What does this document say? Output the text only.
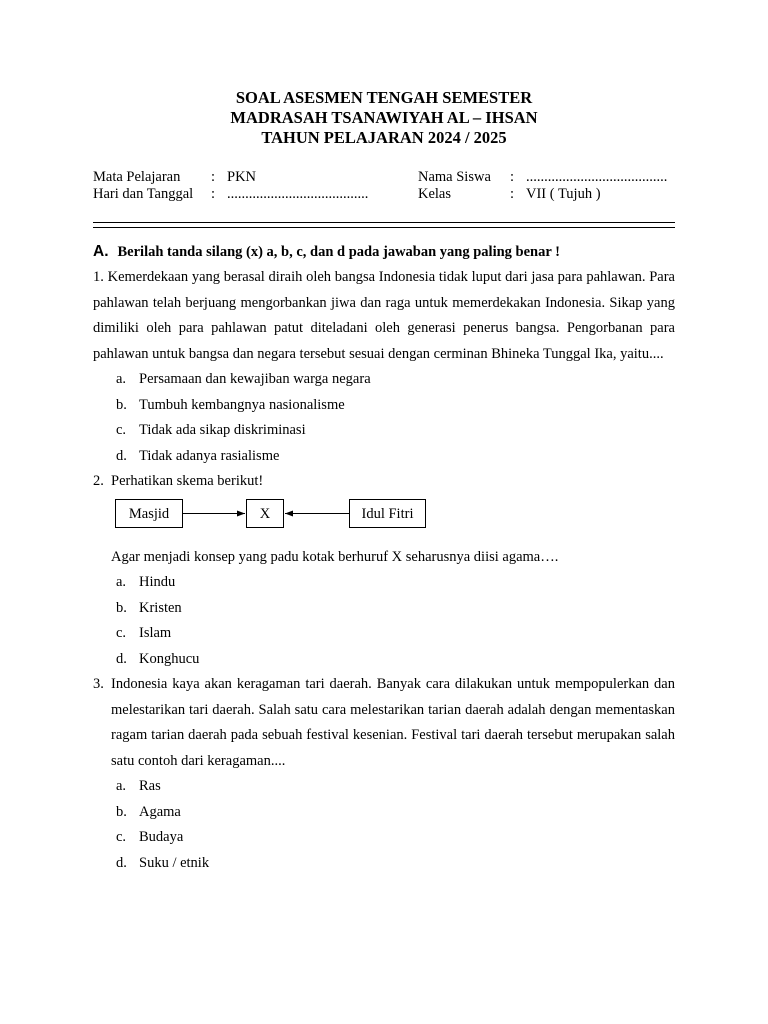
SOAL ASESMEN TENGAH SEMESTER
MADRASAH TSANAWIYAH AL – IHSAN
TAHUN PELAJARAN 2024 / 2025
Mata Pelajaran : PKN	Nama Siswa : .......................................
Hari dan Tanggal : .......................................	Kelas	: VII ( Tujuh )
A. Berilah tanda silang (x) a, b, c, dan d pada jawaban yang paling benar !
1. Kemerdekaan yang berasal diraih oleh bangsa Indonesia tidak luput dari jasa para pahlawan. Para pahlawan telah berjuang mengorbankan jiwa dan raga untuk memerdekakan Indonesia. Sikap yang dimiliki oleh para pahlawan patut diteladani oleh generasi penerus bangsa. Pengorbanan para pahlawan untuk bangsa dan negara tersebut sesuai dengan cerminan Bhineka Tunggal Ika, yaitu....
a. Persamaan dan kewajiban warga negara
b. Tumbuh kembangnya nasionalisme
c. Tidak ada sikap diskriminasi
d. Tidak adanya rasialisme
2. Perhatikan skema berikut!
Masjid	X	Idul Fitri
Agar menjadi konsep yang padu kotak berhuruf X seharusnya diisi agama….
a. Hindu
b. Kristen
c. Islam
d. Konghucu
3. Indonesia kaya akan keragaman tari daerah. Banyak cara dilakukan untuk mempopulerkan dan melestarikan tari daerah. Salah satu cara melestarikan tarian daerah adalah dengan mementaskan ragam tarian daerah pada sebuah festival kesenian. Festival tari daerah tersebut merupakan salah satu contoh dari keragaman....
a. Ras
b. Agama
c. Budaya
d. Suku / etnik
